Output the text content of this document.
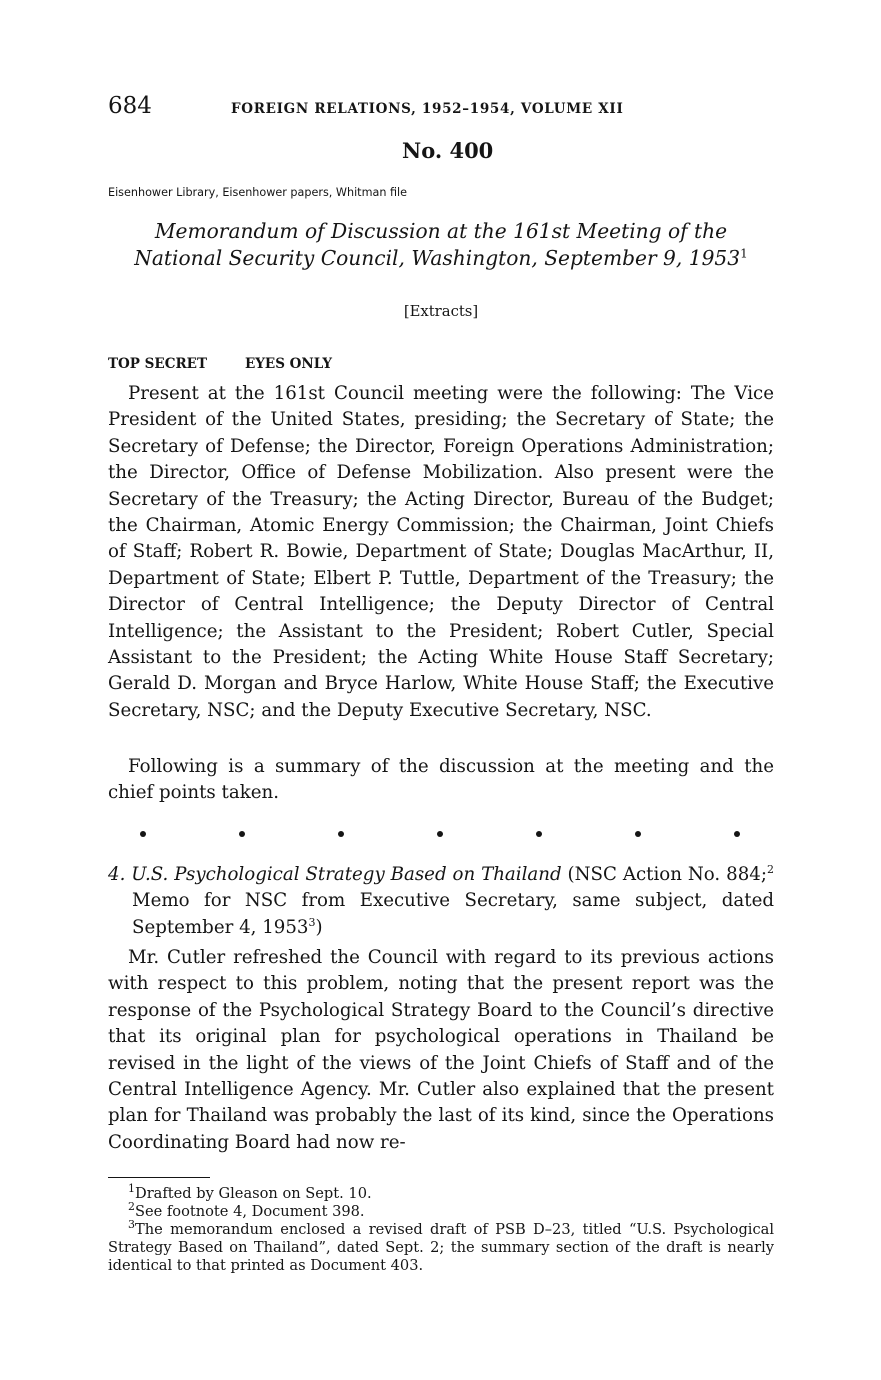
684	FOREIGN RELATIONS, 1952–1954, VOLUME XII
No. 400
Eisenhower Library, Eisenhower papers, Whitman file
Memorandum of Discussion at the 161st Meeting of the National Security Council, Washington, September 9, 1953$^1$
[Extracts]
TOP SECRET	EYES ONLY
Present at the 161st Council meeting were the following: The Vice President of the United States, presiding; the Secretary of State; the Secretary of Defense; the Director, Foreign Operations Administration; the Director, Office of Defense Mobilization. Also present were the Secretary of the Treasury; the Acting Director, Bureau of the Budget; the Chairman, Atomic Energy Commission; the Chairman, Joint Chiefs of Staff; Robert R. Bowie, Department of State; Douglas MacArthur, II, Department of State; Elbert P. Tuttle, Department of the Treasury; the Director of Central Intelligence; the Deputy Director of Central Intelligence; the Assistant to the President; Robert Cutler, Special Assistant to the President; the Acting White House Staff Secretary; Gerald D. Morgan and Bryce Harlow, White House Staff; the Executive Secretary, NSC; and the Deputy Executive Secretary, NSC.
Following is a summary of the discussion at the meeting and the chief points taken.
4. U.S. Psychological Strategy Based on Thailand (NSC Action No. 884;$^2$ Memo for NSC from Executive Secretary, same subject, dated September 4, 1953$^3$)
Mr. Cutler refreshed the Council with regard to its previous actions with respect to this problem, noting that the present report was the response of the Psychological Strategy Board to the Council’s directive that its original plan for psychological operations in Thailand be revised in the light of the views of the Joint Chiefs of Staff and of the Central Intelligence Agency. Mr. Cutler also explained that the present plan for Thailand was probably the last of its kind, since the Operations Coordinating Board had now re-
$^1$Drafted by Gleason on Sept. 10.
$^2$See footnote 4, Document 398.
$^3$The memorandum enclosed a revised draft of PSB D–23, titled “U.S. Psychological Strategy Based on Thailand”, dated Sept. 2; the summary section of the draft is nearly identical to that printed as Document 403.
